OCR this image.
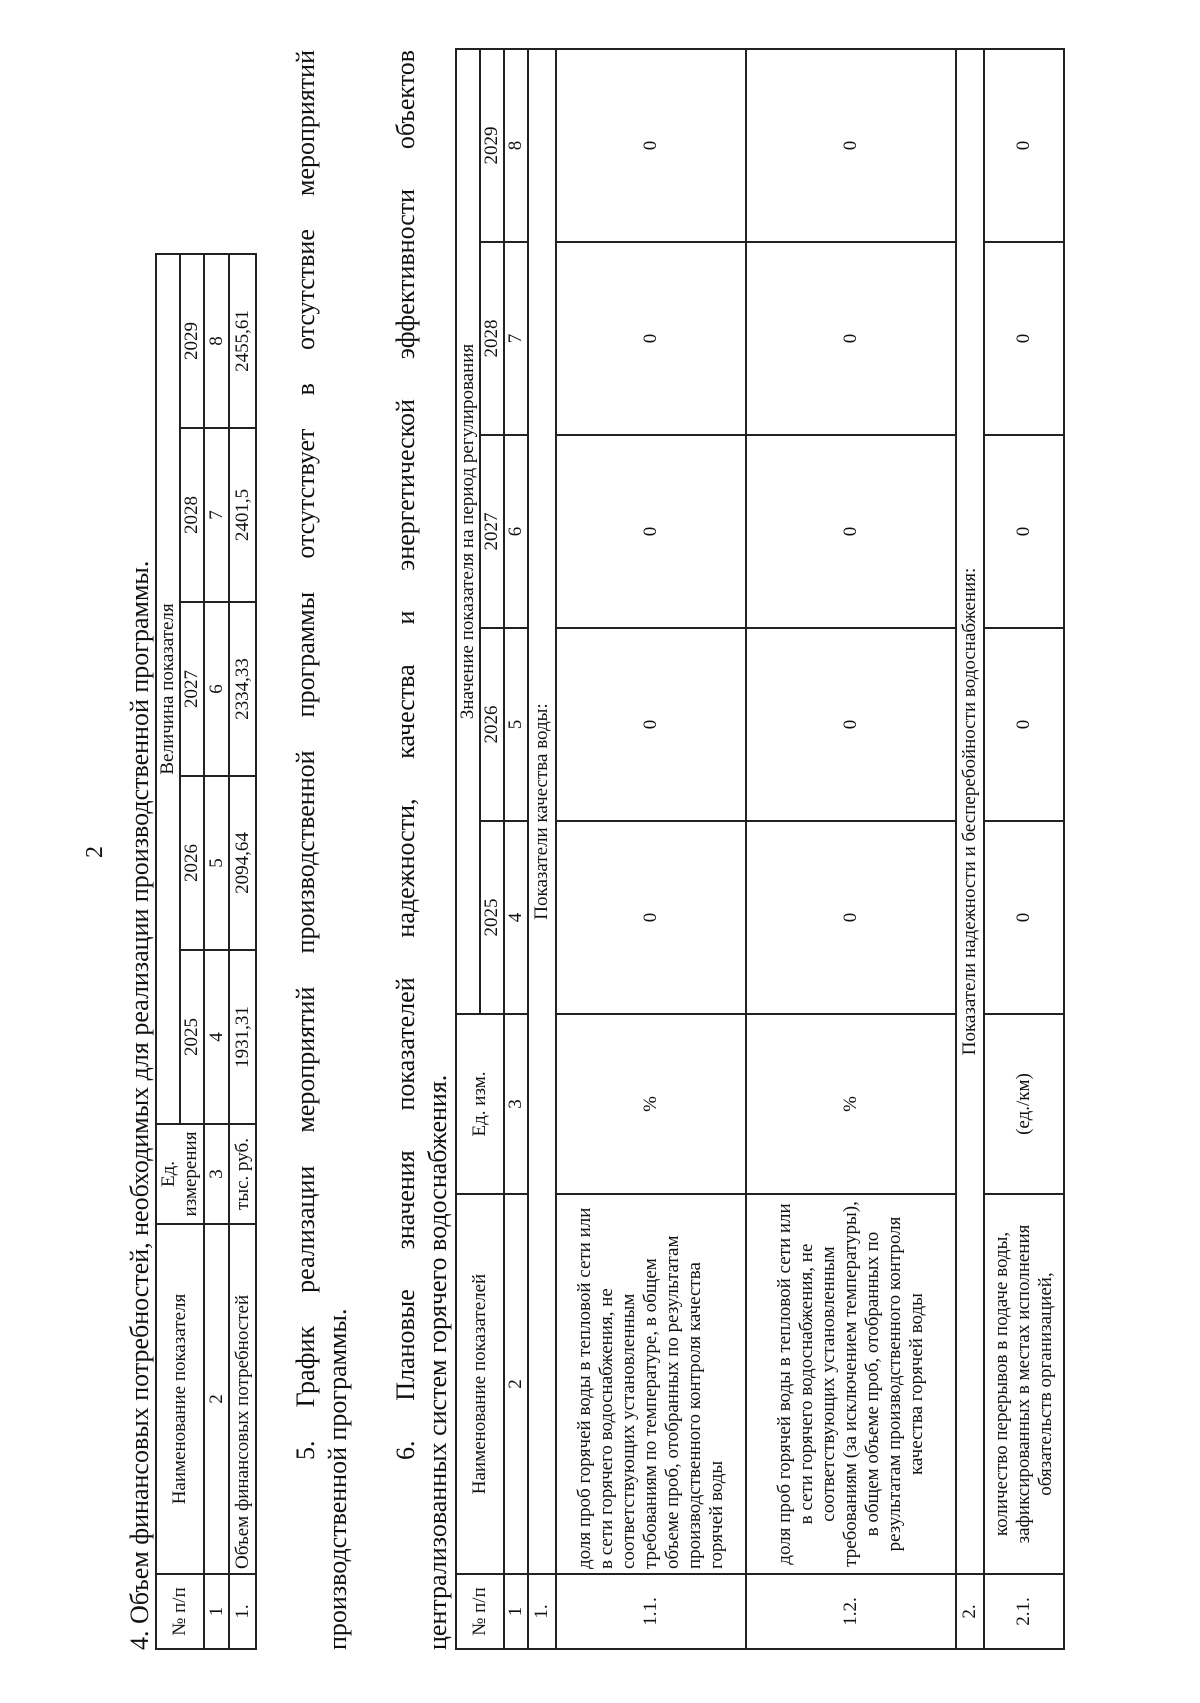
2 4. Объем финансовых потребностей, необходимых для реализации производственной программы. № п/п	Наименование показателя	Ед. измерения	Величина показателя				
			2025	2026	2027	2028	2029
1	2	3	4	5	6	7	8
1.	Объем финансовых потребностей	тыс. руб.	1931,31	2094,64	2334,33	2401,5	2455,61 5. График реализации мероприятий производственной программы отсутствует в отсутствие мероприятий
производственной программы.
6. Плановые значения показателей надежности, качества и энергетической эффективности объектов централизованных систем горячего водоснабжения. № п/п	Наименование показателей	Ед. изм.	Значение показателя на период регулирования				
			2025	2026	2027	2028	2029
1	2	3	4	5	6	7	8
1.	Показатели качества воды:						
1.1.	доля проб горячей воды в тепловой сети или в сети горячего водоснабжения, не соответствующих установленным требованиям по температуре, в общем объеме проб, отобранных по результатам производственного контроля качества горячей воды	%	0	0	0	0	0
1.2.	доля проб горячей воды в тепловой сети или в сети горячего водоснабжения, не соответствующих установленным требованиям (за исключением температуры), в общем объеме проб, отобранных по результатам производственного контроля качества горячей воды	%	0	0	0	0	0
2.	Показатели надежности и бесперебойности водоснабжения:						
2.1.	количество перерывов в подаче воды, зафиксированных в местах исполнения обязательств организацией,	(ед./км)	0	0	0	0	0
